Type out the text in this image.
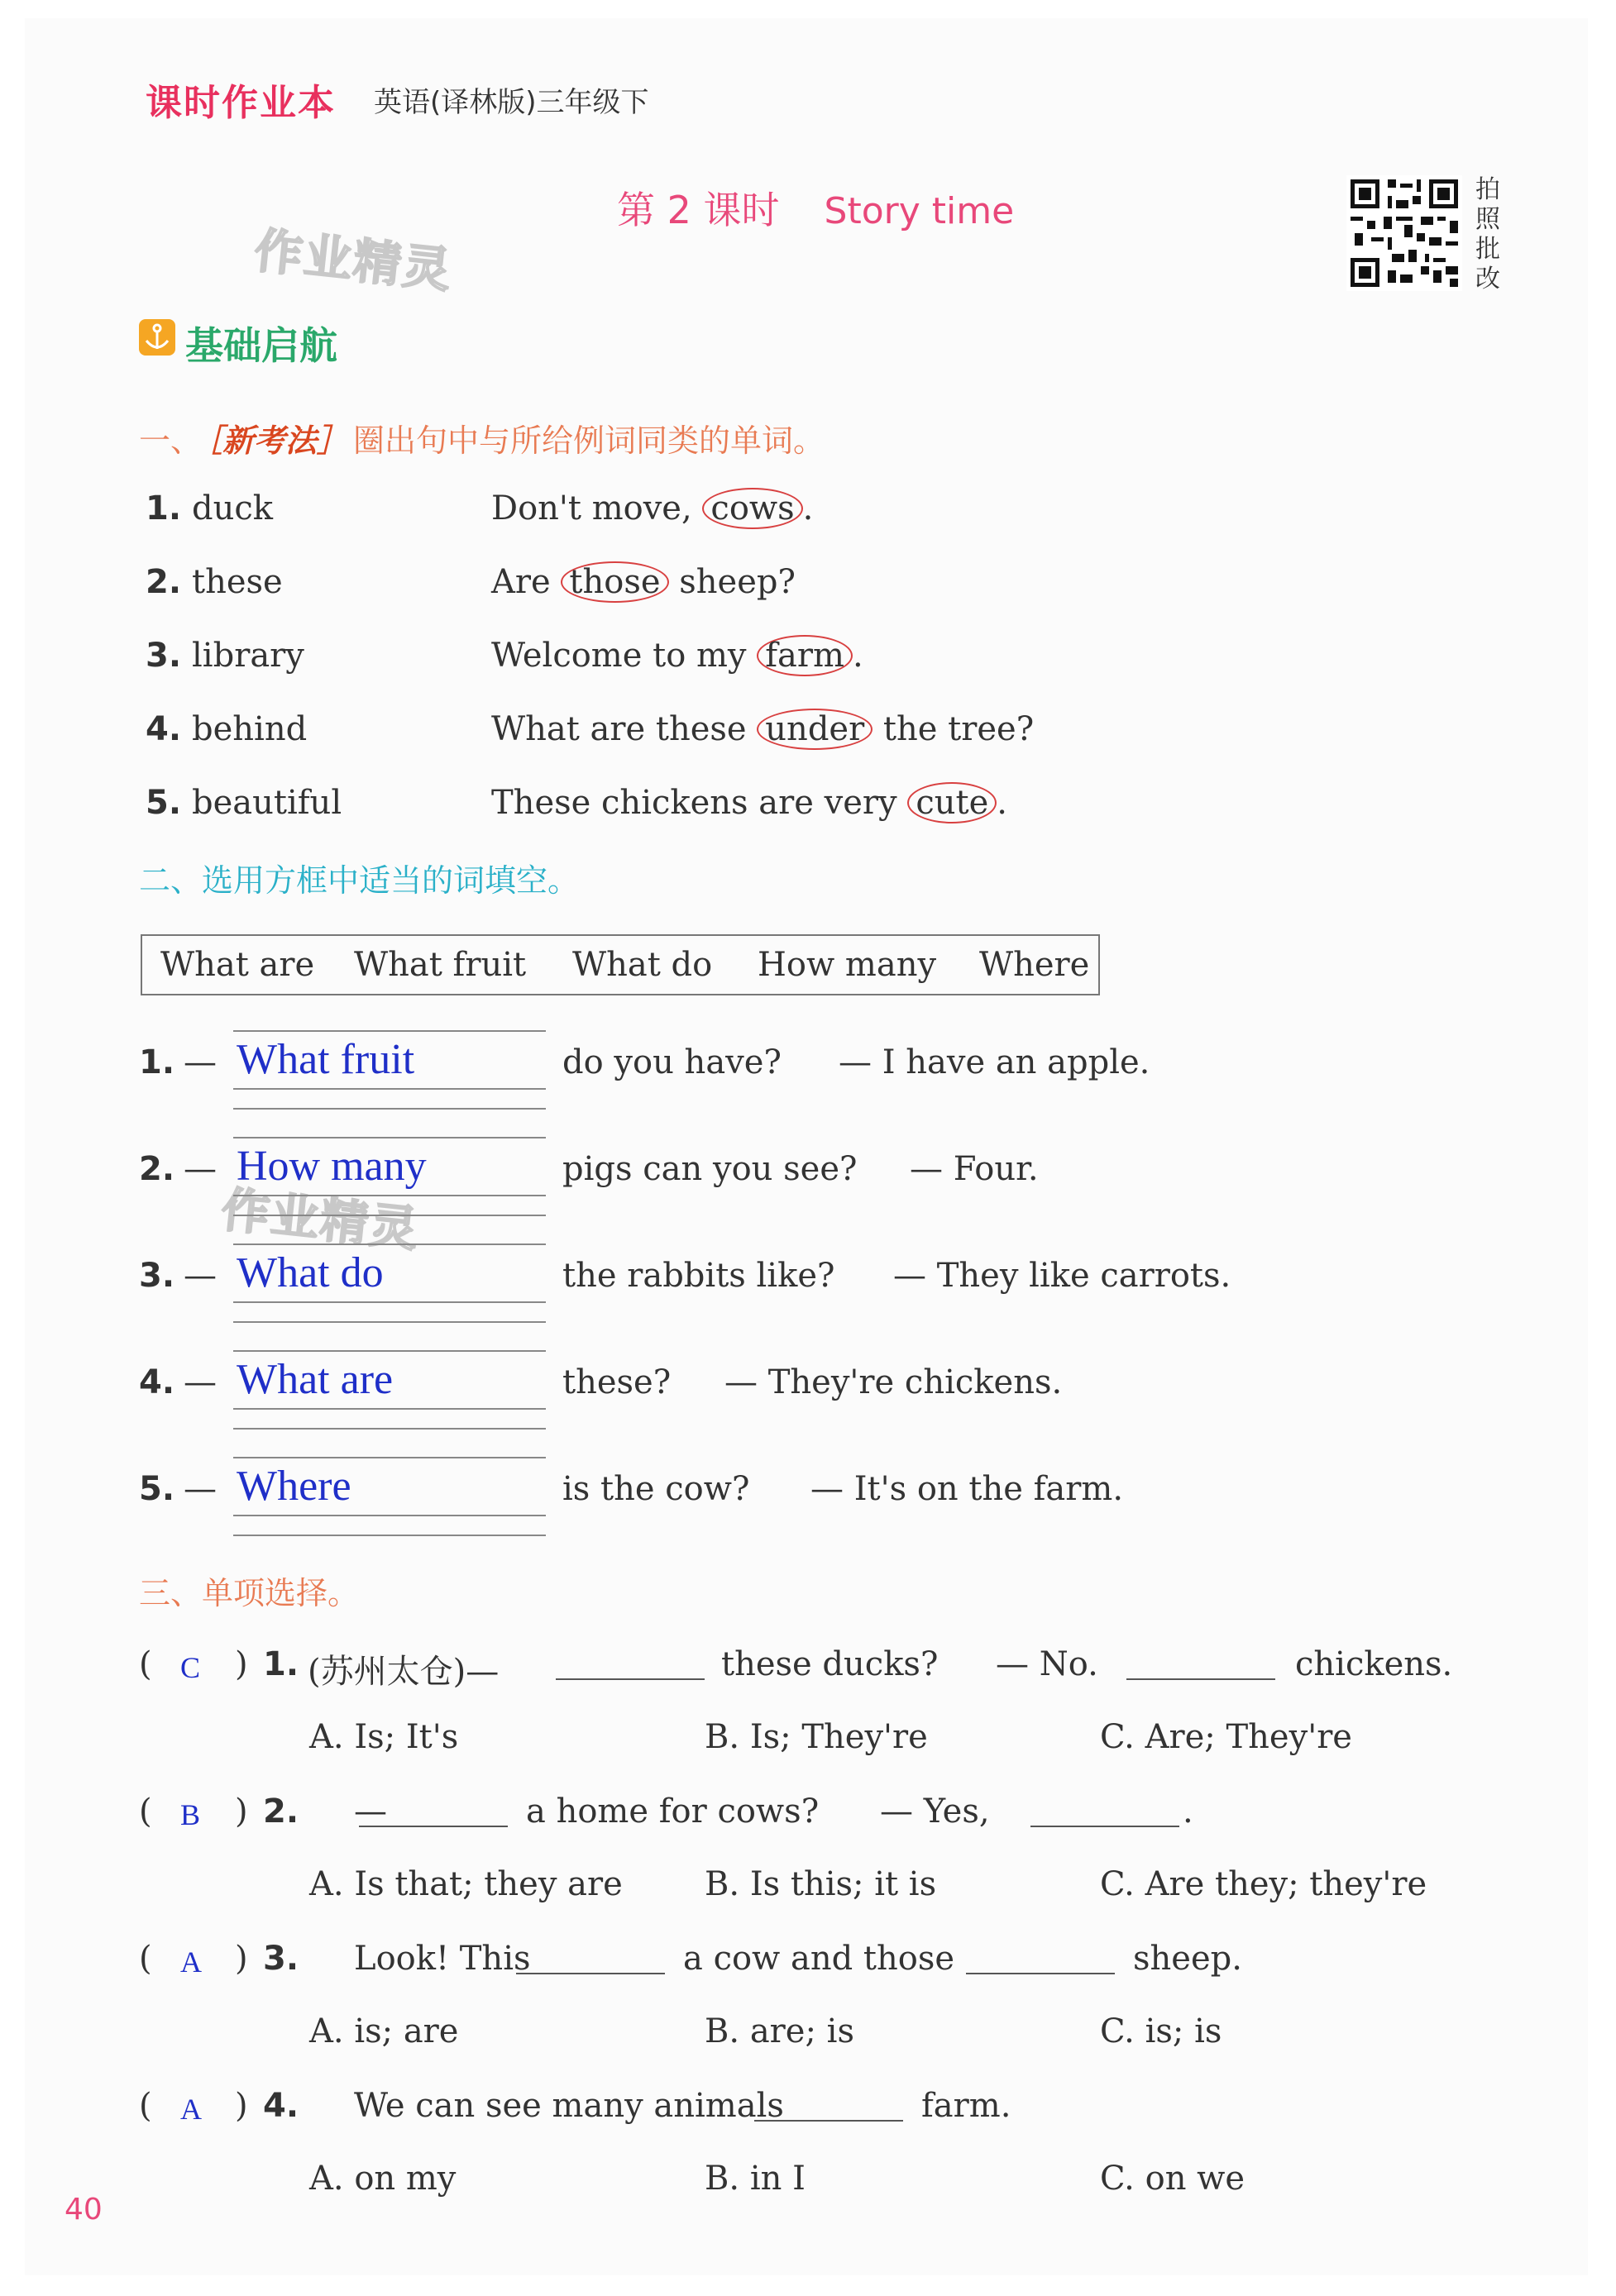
课时作业本 英语(译林版)三年级下
第 2 课时 Story time
拍照批改
作业精灵
作业精灵
基础启航
一、 ［新考法］ 圈出句中与所给例词同类的单词。
1. duck	Don't move, cows .
2. these	Are those sheep?
3. library	Welcome to my farm .
4. behind	What are these under the tree?
5. beautiful	These chickens are very cute .
二、选用方框中适当的词填空。
What are What fruit What do How many Where
1. — What fruit	do you have? — I have an apple.
2. — How many	pigs can you see? — Four.
3. — What do	the rabbits like? — They like carrots.
4. — What are	these? — They're chickens.
5. — Where	is the cow? — It's on the farm.
三、单项选择。
( C ) 1. (苏州太仓)—	these ducks? — No.	chickens.
A. Is; It's	B. Is; They're	C. Are; They're
( B ) 2. —	a home for cows? — Yes,	.
A. Is that; they are B. Is this; it is	C. Are they; they're
( A ) 3. Look! This	a cow and those	sheep.
A. is; are	B. are; is	C. is; is
( A ) 4. We can see many animals	farm.
A. on my	B. in I	C. on we
40
